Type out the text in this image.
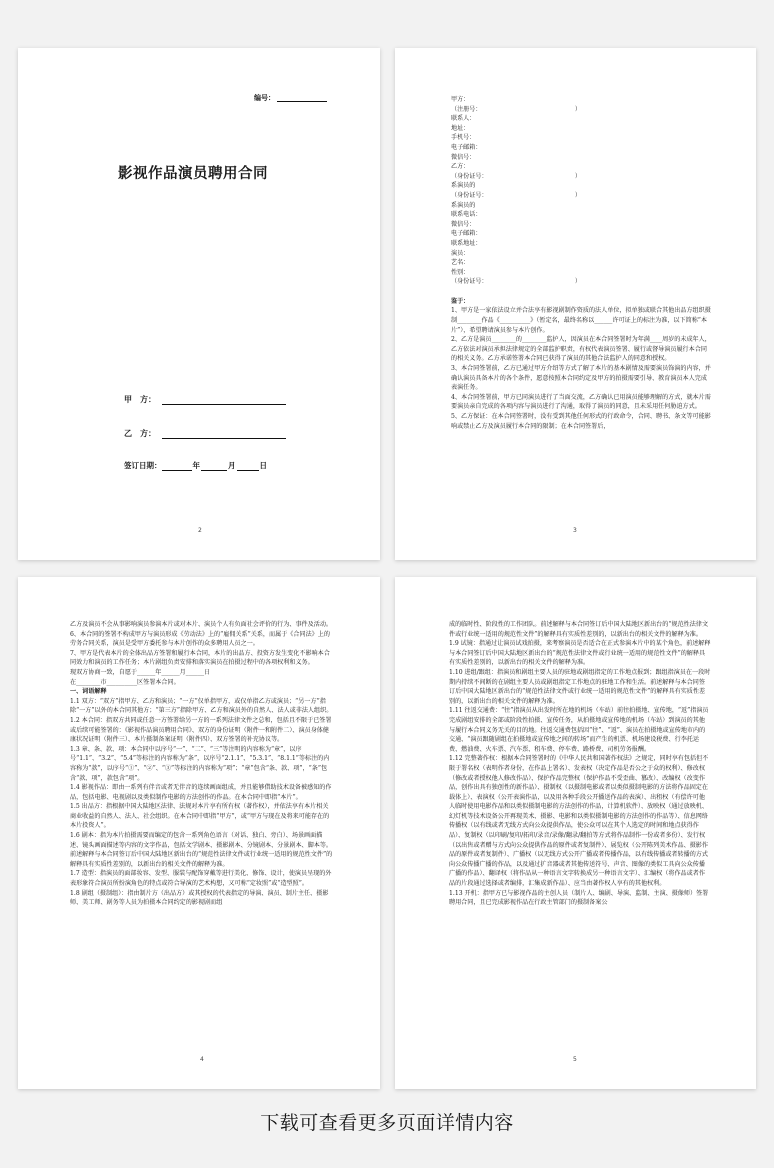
编号：
影视作品演员聘用合同
甲　方：
乙　方：
签订日期：	年	月	日
2
甲方：
（注册号：	）
联系人：
地址：
手机号：
电子邮箱：
微信号：
乙方：
（身份证号：	）
系演员的
（身份证号：	）
系演员的
联系电话：
微信号：
电子邮箱：
联系地址：
演员：
艺名：
性别：
（身份证号：	）

鉴于：

1、甲方是一家依法设立并合法享有影视剧制作资质的法人单位，拟单独或联合其他出品方组织摄制________作品《__________》（暂定名，最终名称以______许可证上的标注为准，以下简称“本片”），希望聘请演员参与本片创作。

2、乙方是演员________的________监护人，因演员在本合同签署时为年满____周岁的未成年人，乙方依法对演员承担法律规定的全部监护职责，有权代表演员签署、履行或督导演员履行本合同的相关义务。乙方承诺签署本合同已获得了演员的其他合法监护人的同意和授权。

3、本合同签署前，乙方已通过甲方介绍等方式了解了本片的基本剧情及需要演员饰演的内容，并确认演员具备本片的各个条件，愿意按照本合同约定及甲方的拍摄需要引导、教育演员本人完成表演任务。

4、本合同签署前，甲方已同演员进行了当面交流，乙方确认已用演员能够理解的方式，就本片需要演员亲自完成的各项内容与演员进行了沟通，取得了演员的同意，且未采用任何胁迫方式。

5、乙方保证：在本合同签署时，没有受到其他任何形式的行政命令，合同、聘书、条文等可能影响或禁止乙方及演员履行本合同的限制；在本合同签署后，

3

乙方及演员不会从事影响演员参演本片或对本片、演员个人有负面社会评价的行为、事件及活动。

6、本合同的签署不构成甲方与演员形成《劳动法》上的“雇佣关系”关系，而属于《合同法》上的劳务合同关系，演员是受甲方委托参与本片创作的众多聘用人员之一。

7、甲方是代表本片的全体出品方签署和履行本合同，本片的出品方、投资方发生变化不影响本合同效力和演员的工作任务；本片剧组负责安排和落实演员在拍摄过程中的各项权利和义务。

现双方协商一致，自愿于______年______月______日

在________市__________区签署本合同。

一、词语解释

1.1 双方：“双方”指甲方、乙方和演员；“一方”仅单指甲方，或仅单指乙方或演员；“另一方”指除“一方”以外的本合同其他方；“第三方”指除甲方、乙方和演员外的自然人、法人或非法人组织。

1.2 本合同：指双方共同或任意一方签署给另一方的一系列法律文件之总和，包括且不限于已签署或后续可能签署的：《影视作品演员聘用合同》、双方的身份证明（附件一和附件二）、演员身体健康状况证明（附件三）、本片摄制备案证明（附件四）、双方签署的补充协议等。

1.3 章、条、款、项：本合同中以序号“一”、“二”、“三”等注明的内容称为“章”，以序号“1.1”、“3.2”、“5.4”等标注的内容称为“条”，以序号“2.1.1”、“5.3.1”、“8.1.1”等标注的内容称为“款”，以序号“①”、“②”、“③”等标注的内容称为“项”；“章”包含“条、款、项”，“条”包含“款、项”，款包含“项”。

1.4 影视作品：即由一系列有伴音或者无伴音的连续画面组成，并且能够借助技术设备被感知的作品，包括电影、电视剧以及类似制作电影的方法创作的作品。在本合同中即指“本片”。

1.5 出品方：指根据中国大陆地区法律、法规对本片享有所有权（著作权），并依法享有本片相关商业收益的自然人、法人、社会组织。在本合同中即指“甲方”，或“甲方与现在及将来可能存在的本片投资人”。

1.6 剧本：指为本片拍摄需要而编定的包含一系列角色语言（对话、独白、旁白）、场景画面描述、镜头画面描述等内容的文字作品，包括文学剧本、摄影剧本、分镜剧本、分景剧本、脚本等。前述解释与本合同签订后中国大陆地区新出台的“规范性法律文件或行业统一适用的规范性文件”的解释具有实质性差别的，以新出台的相关文件的解释为准。

1.7 造型：指演员的面部妆容、发型、服装与配饰穿戴等进行美化、修饰、设计，使演员呈现的外表形象符合演员所扮演角色的特点或符合导演的艺术构想，又可称“定妆照”或“造型照”。

1.8 剧组（摄制组）：指由制片方（出品方）或其授权的代表指定的导演、演员、制片主任、摄影师、美工师、剧务等人员为拍摄本合同约定的影视剧而组

4

成的临时性、阶段性的工作团队。前述解释与本合同签订后中国大陆地区新出台的“规范性法律文件或行业统一适用的规范性文件”的解释具有实质性差别的，以新出台的相关文件的解释为准。

1.9 试镜：指通过让演员试戏拍摄，来考察演员是否适合在正式参演本片中的某个角色，前述解释与本合同签订后中国大陆地区新出台的“规范性法律文件或行业统一适用的规范性文件”的解释具有实质性差别的，以新出台的相关文件的解释为准。

1.10 进组/跟组：指演员和剧组主要人员的驻地或剧组指定的工作地点报到；跟组指演员在一段时期内持续不间断的在剧组主要人员或剧组指定工作地点的驻地工作和生活。前述解释与本合同签订后中国大陆地区新出台的“规范性法律文件或行业统一适用的规范性文件”的解释具有实质性差别的，以新出台的相关文件的解释为准。

1.11 往返交通费：“往”指演员从出发时所在地的机场（车站）前往拍摄地、宣传地，“返”指演员完成剧组安排的全部或阶段性拍摄、宣传任务，从拍摄地或宣传地的机场（车站）到演员的其他与履行本合同义务无关的目的地。往返交通费包括因“往”、“返”、演员在拍摄地或宣传地市内的交通、“演员跟随剧组在拍摄地或宣传地之间的转场”而产生的机票、机场建设税费、行李托运费、燃油费、火车票、汽车票、租车费、停车费、路桥费、司机劳务报酬。

1.12 完整著作权：根据本合同签署时的《中华人民共和国著作权法》之规定，同时享有包括但不限于署名权（表明作者身份，在作品上署名）、发表权（决定作品是否公之于众的权利）、修改权（修改或者授权他人修改作品）、保护作品完整权（保护作品不受歪曲、篡改）、改编权（改变作品，创作出具有独创性的新作品）、摄制权（以摄制电影或者以类似摄制电影的方法将作品固定在载体上）、表演权（公开表演作品，以及用各种手段公开播送作品的表演）、出租权（有偿许可他人临时使用电影作品和以类似摄制电影的方法创作的作品，计算机软件）、放映权（通过放映机、幻灯机等技术设备公开再现美术、摄影、电影和以类似摄制电影的方法创作的作品等）、信息网络传播权（以有线或者无线方式向公众提供作品，使公众可以在其个人选定的时间和地点获得作品）、复制权（以印刷/复印/拓印/录音/录像/翻录/翻拍等方式将作品制作一份或者多份）、发行权（以出售或者赠与方式向公众提供作品的原件或者复制件）、展览权（公开陈列美术作品、摄影作品的原件或者复制件）、广播权（以无线方式公开广播或者传播作品，以有线传播或者转播的方式向公众传播广播的作品，以及通过扩音器或者其他传送符号、声音、图像的类似工具向公众传播广播的作品）、翻译权（将作品从一种语言文字转换成另一种语言文字）、汇编权（将作品或者作品的片段通过选择或者编排，汇集成新作品）、应当由著作权人享有的其他权利。

1.13 开机：指甲方已与影视作品的主创人员（制片人、编剧、导演、监制、主演、摄像师）签署聘用合同，且已完成影视作品在行政主管部门的摄制备案公

5
下载可查看更多页面详情内容
